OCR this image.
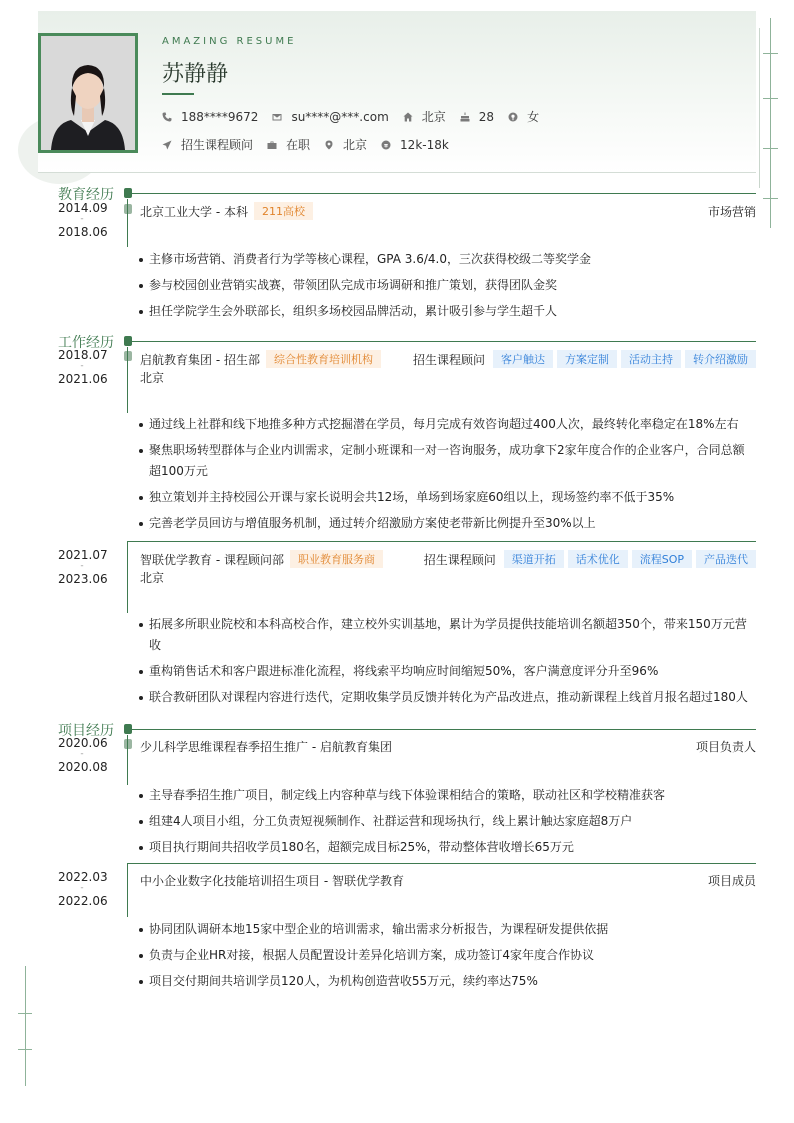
AMAZING RESUME
苏静静
188****9672	su****@***.com	北京	28	女
招生课程顾问	在职	北京	12k-18k
教育经历
2014.09
-
2018.06
北京工业大学 - 本科	211高校	市场营销
主修市场营销、消费者行为学等核心课程，GPA 3.6/4.0，三次获得校级二等奖学金
参与校园创业营销实战赛，带领团队完成市场调研和推广策划，获得团队金奖
担任学院学生会外联部长，组织多场校园品牌活动，累计吸引参与学生超千人
工作经历
2018.07
-
2021.06
启航教育集团 - 招生部	综合性教育培训机构	招生课程顾问	客户触达	方案定制	活动主持	转介绍激励
北京
通过线上社群和线下地推多种方式挖掘潜在学员，每月完成有效咨询超过400人次，最终转化率稳定在18%左右
聚焦职场转型群体与企业内训需求，定制小班课和一对一咨询服务，成功拿下2家年度合作的企业客户，合同总额超100万元
独立策划并主持校园公开课与家长说明会共12场，单场到场家庭60组以上，现场签约率不低于35%
完善老学员回访与增值服务机制，通过转介绍激励方案使老带新比例提升至30%以上
2021.07
-
2023.06
智联优学教育 - 课程顾问部	职业教育服务商	招生课程顾问	渠道开拓	话术优化	流程SOP	产品迭代
北京
拓展多所职业院校和本科高校合作，建立校外实训基地，累计为学员提供技能培训名额超350个，带来150万元营收
重构销售话术和客户跟进标准化流程，将线索平均响应时间缩短50%，客户满意度评分升至96%
联合教研团队对课程内容进行迭代，定期收集学员反馈并转化为产品改进点，推动新课程上线首月报名超过180人
项目经历
2020.06
-
2020.08
少儿科学思维课程春季招生推广 - 启航教育集团	项目负责人
主导春季招生推广项目，制定线上内容种草与线下体验课相结合的策略，联动社区和学校精准获客
组建4人项目小组，分工负责短视频制作、社群运营和现场执行，线上累计触达家庭超8万户
项目执行期间共招收学员180名，超额完成目标25%，带动整体营收增长65万元
2022.03
-
2022.06
中小企业数字化技能培训招生项目 - 智联优学教育	项目成员
协同团队调研本地15家中型企业的培训需求，输出需求分析报告，为课程研发提供依据
负责与企业HR对接，根据人员配置设计差异化培训方案，成功签订4家年度合作协议
项目交付期间共培训学员120人，为机构创造营收55万元，续约率达75%
